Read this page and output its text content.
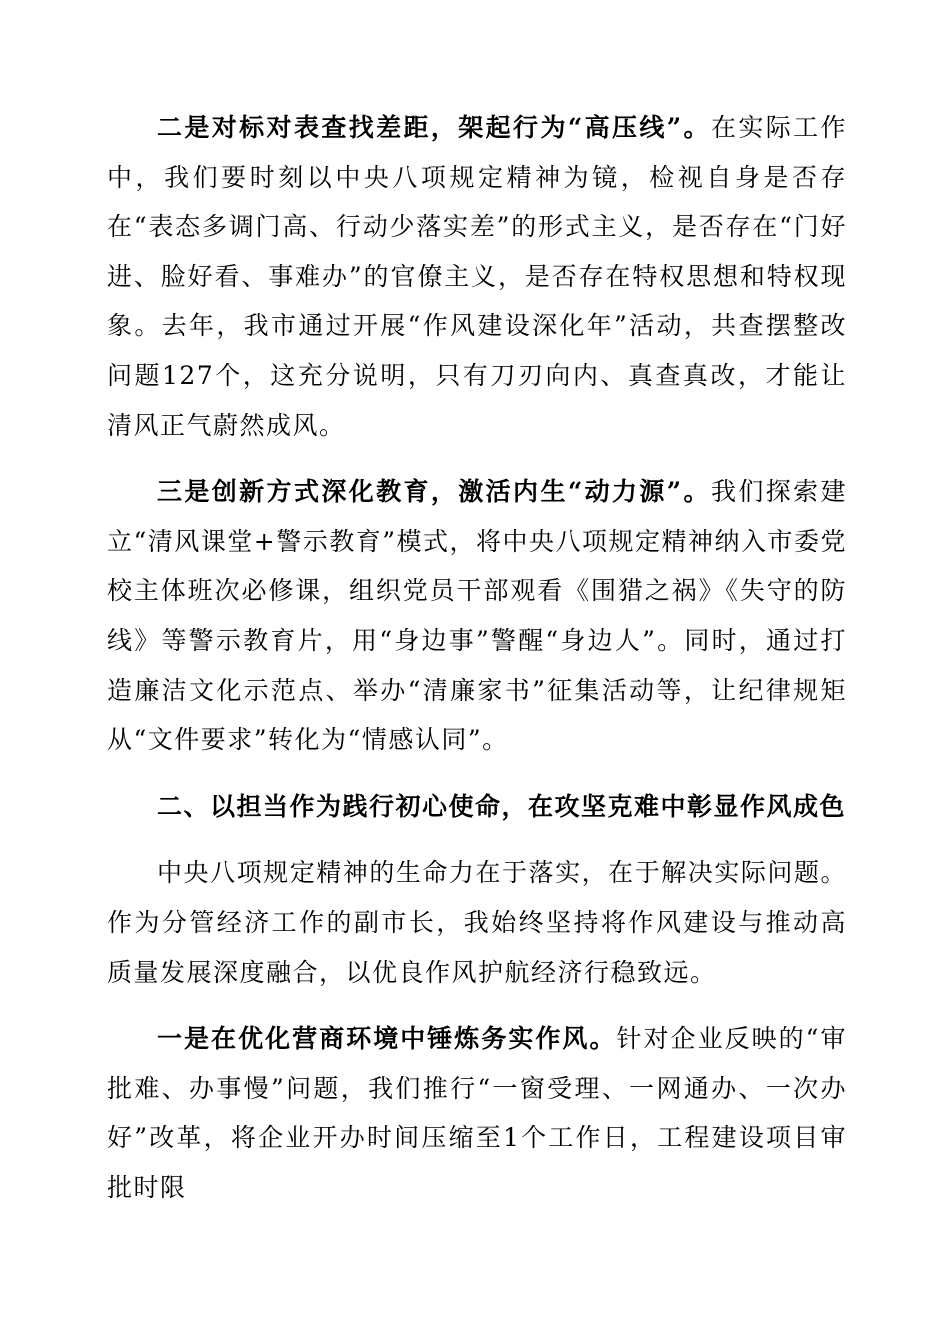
二是对标对表查找差距，架起行为“高压线”。在实际工作中，我们要时刻以中央八项规定精神为镜，检视自身是否存在“表态多调门高、行动少落实差”的形式主义，是否存在“门好进、脸好看、事难办”的官僚主义，是否存在特权思想和特权现象。去年，我市通过开展“作风建设深化年”活动，共查摆整改问题127个，这充分说明，只有刀刃向内、真查真改，才能让清风正气蔚然成风。

三是创新方式深化教育，激活内生“动力源”。我们探索建立“清风课堂+警示教育”模式，将中央八项规定精神纳入市委党校主体班次必修课，组织党员干部观看《围猎之祸》《失守的防线》等警示教育片，用“身边事”警醒“身边人”。同时，通过打造廉洁文化示范点、举办“清廉家书”征集活动等，让纪律规矩从“文件要求”转化为“情感认同”。

二、以担当作为践行初心使命，在攻坚克难中彰显作风成色

中央八项规定精神的生命力在于落实，在于解决实际问题。作为分管经济工作的副市长，我始终坚持将作风建设与推动高质量发展深度融合，以优良作风护航经济行稳致远。

一是在优化营商环境中锤炼务实作风。针对企业反映的“审批难、办事慢”问题，我们推行“一窗受理、一网通办、一次办好”改革，将企业开办时间压缩至1个工作日，工程建设项目审批时限
